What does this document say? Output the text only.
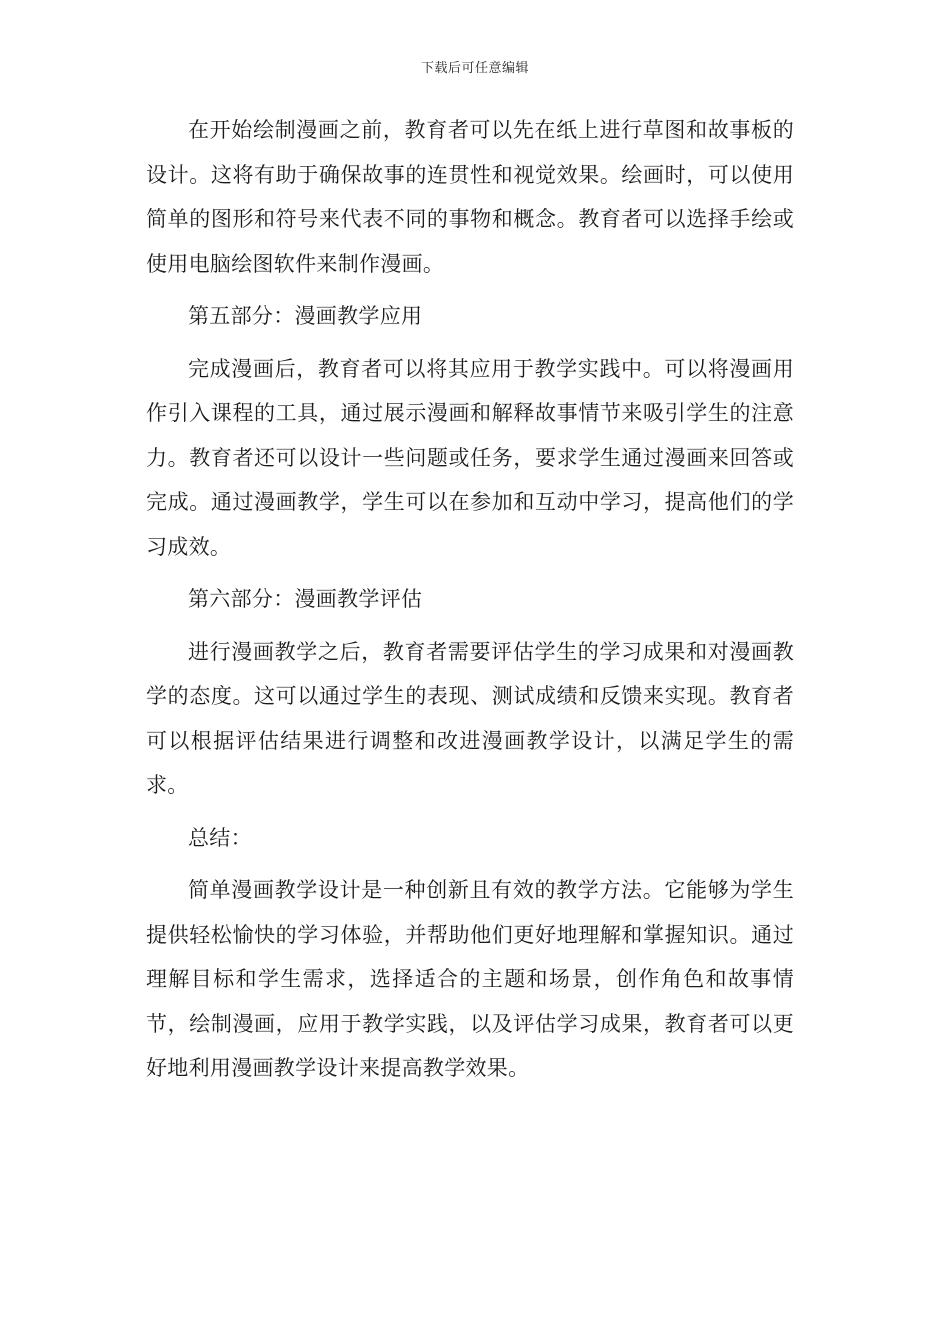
下载后可任意编辑

在开始绘制漫画之前，教育者可以先在纸上进行草图和故事板的设计。这将有助于确保故事的连贯性和视觉效果。绘画时，可以使用简单的图形和符号来代表不同的事物和概念。教育者可以选择手绘或使用电脑绘图软件来制作漫画。

第五部分：漫画教学应用

完成漫画后，教育者可以将其应用于教学实践中。可以将漫画用作引入课程的工具，通过展示漫画和解释故事情节来吸引学生的注意力。教育者还可以设计一些问题或任务，要求学生通过漫画来回答或完成。通过漫画教学，学生可以在参加和互动中学习，提高他们的学习成效。

第六部分：漫画教学评估

进行漫画教学之后，教育者需要评估学生的学习成果和对漫画教学的态度。这可以通过学生的表现、测试成绩和反馈来实现。教育者可以根据评估结果进行调整和改进漫画教学设计，以满足学生的需求。

总结：

简单漫画教学设计是一种创新且有效的教学方法。它能够为学生提供轻松愉快的学习体验，并帮助他们更好地理解和掌握知识。通过理解目标和学生需求，选择适合的主题和场景，创作角色和故事情节，绘制漫画，应用于教学实践，以及评估学习成果，教育者可以更好地利用漫画教学设计来提高教学效果。
